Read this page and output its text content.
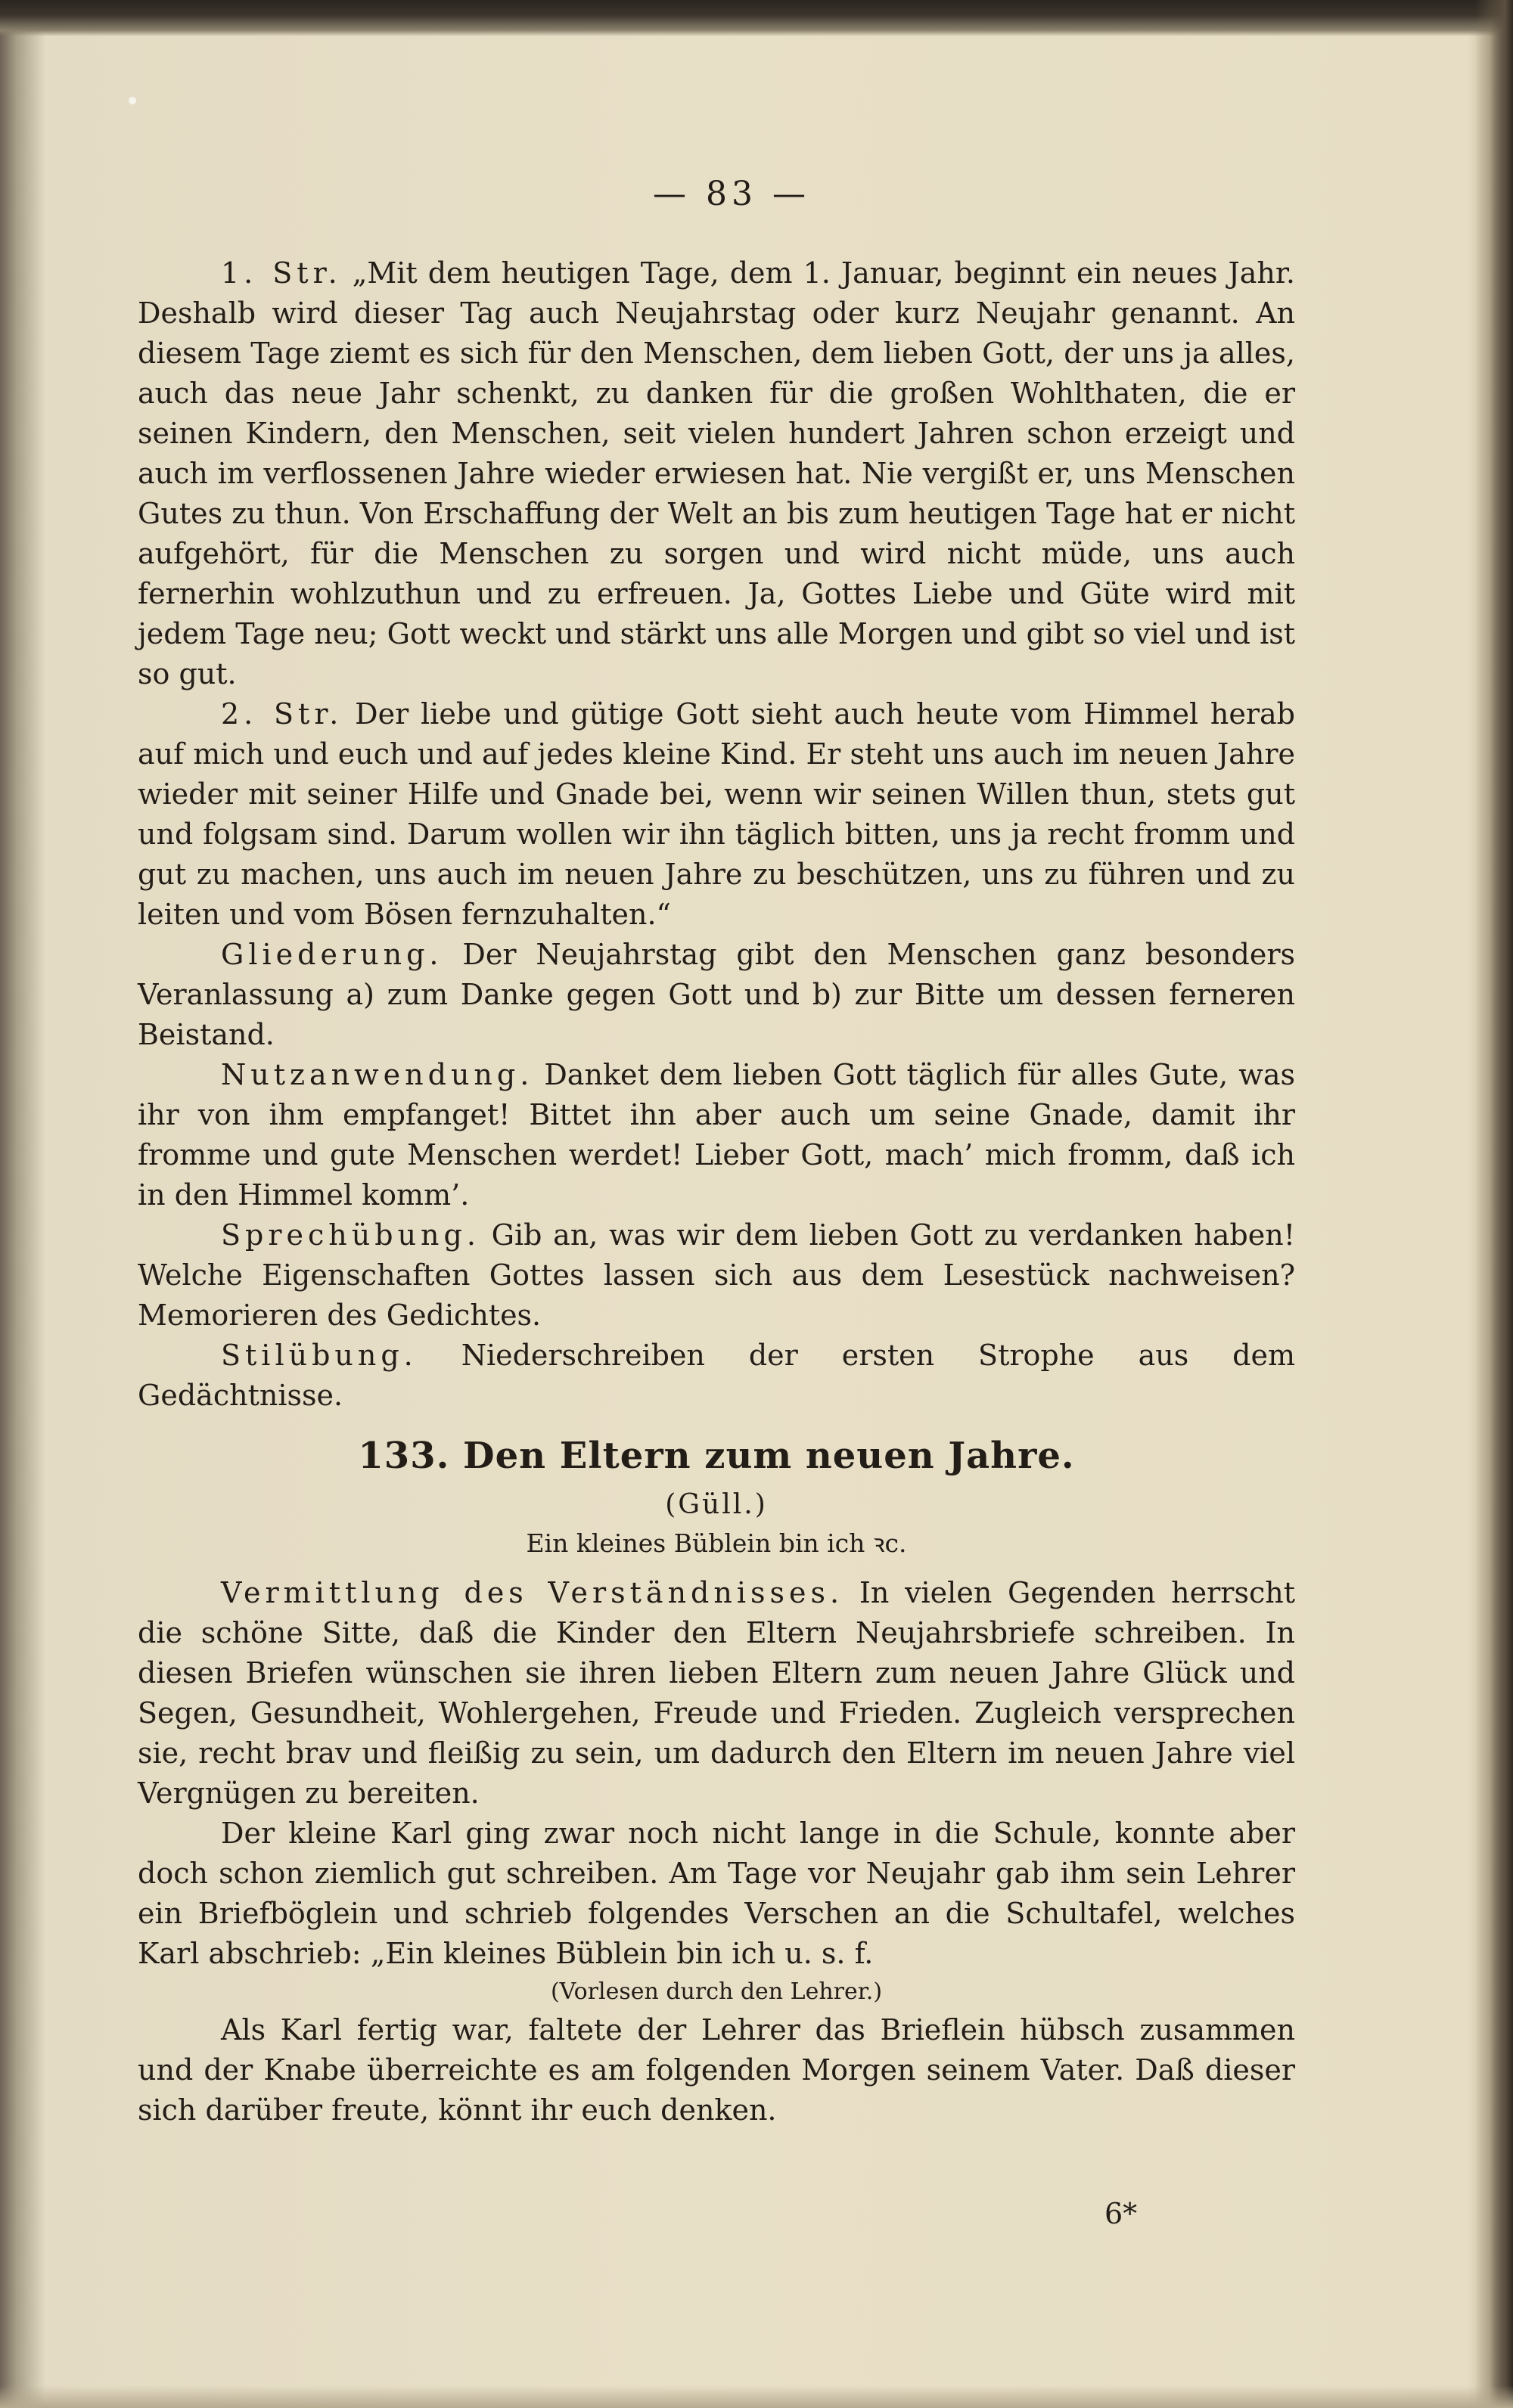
— 83 —

1. Str. „Mit dem heutigen Tage, dem 1. Januar, beginnt ein neues Jahr. Deshalb wird dieser Tag auch Neujahrstag oder kurz Neujahr genannt. An diesem Tage ziemt es sich für den Menschen, dem lieben Gott, der uns ja alles, auch das neue Jahr schenkt, zu danken für die großen Wohlthaten, die er seinen Kindern, den Menschen, seit vielen hundert Jahren schon erzeigt und auch im verflossenen Jahre wieder erwiesen hat. Nie vergißt er, uns Menschen Gutes zu thun. Von Erschaffung der Welt an bis zum heutigen Tage hat er nicht aufgehört, für die Menschen zu sorgen und wird nicht müde, uns auch fernerhin wohlzuthun und zu erfreuen. Ja, Gottes Liebe und Güte wird mit jedem Tage neu; Gott weckt und stärkt uns alle Morgen und gibt so viel und ist so gut.

2. Str. Der liebe und gütige Gott sieht auch heute vom Himmel herab auf mich und euch und auf jedes kleine Kind. Er steht uns auch im neuen Jahre wieder mit seiner Hilfe und Gnade bei, wenn wir seinen Willen thun, stets gut und folgsam sind. Darum wollen wir ihn täglich bitten, uns ja recht fromm und gut zu machen, uns auch im neuen Jahre zu beschützen, uns zu führen und zu leiten und vom Bösen fernzuhalten.“

Gliederung. Der Neujahrstag gibt den Menschen ganz besonders Veranlassung a) zum Danke gegen Gott und b) zur Bitte um dessen ferneren Beistand.

Nutzanwendung. Danket dem lieben Gott täglich für alles Gute, was ihr von ihm empfanget! Bittet ihn aber auch um seine Gnade, damit ihr fromme und gute Menschen werdet! Lieber Gott, mach’ mich fromm, daß ich in den Himmel komm’.

Sprechübung. Gib an, was wir dem lieben Gott zu verdanken haben! Welche Eigenschaften Gottes lassen sich aus dem Lesestück nachweisen? Memorieren des Gedichtes.

Stilübung. Niederschreiben der ersten Strophe aus dem Gedächtnisse.

133. Den Eltern zum neuen Jahre.
(Güll.)
Ein kleines Büblein bin ich ꝛc.

Vermittlung des Verständnisses. In vielen Gegenden herrscht die schöne Sitte, daß die Kinder den Eltern Neujahrsbriefe schreiben. In diesen Briefen wünschen sie ihren lieben Eltern zum neuen Jahre Glück und Segen, Gesundheit, Wohlergehen, Freude und Frieden. Zugleich versprechen sie, recht brav und fleißig zu sein, um dadurch den Eltern im neuen Jahre viel Vergnügen zu bereiten.

Der kleine Karl ging zwar noch nicht lange in die Schule, konnte aber doch schon ziemlich gut schreiben. Am Tage vor Neujahr gab ihm sein Lehrer ein Briefböglein und schrieb folgendes Verschen an die Schultafel, welches Karl abschrieb: „Ein kleines Büblein bin ich u. s. f.

(Vorlesen durch den Lehrer.)

Als Karl fertig war, faltete der Lehrer das Brieflein hübsch zusammen und der Knabe überreichte es am folgenden Morgen seinem Vater. Daß dieser sich darüber freute, könnt ihr euch denken.

6*
